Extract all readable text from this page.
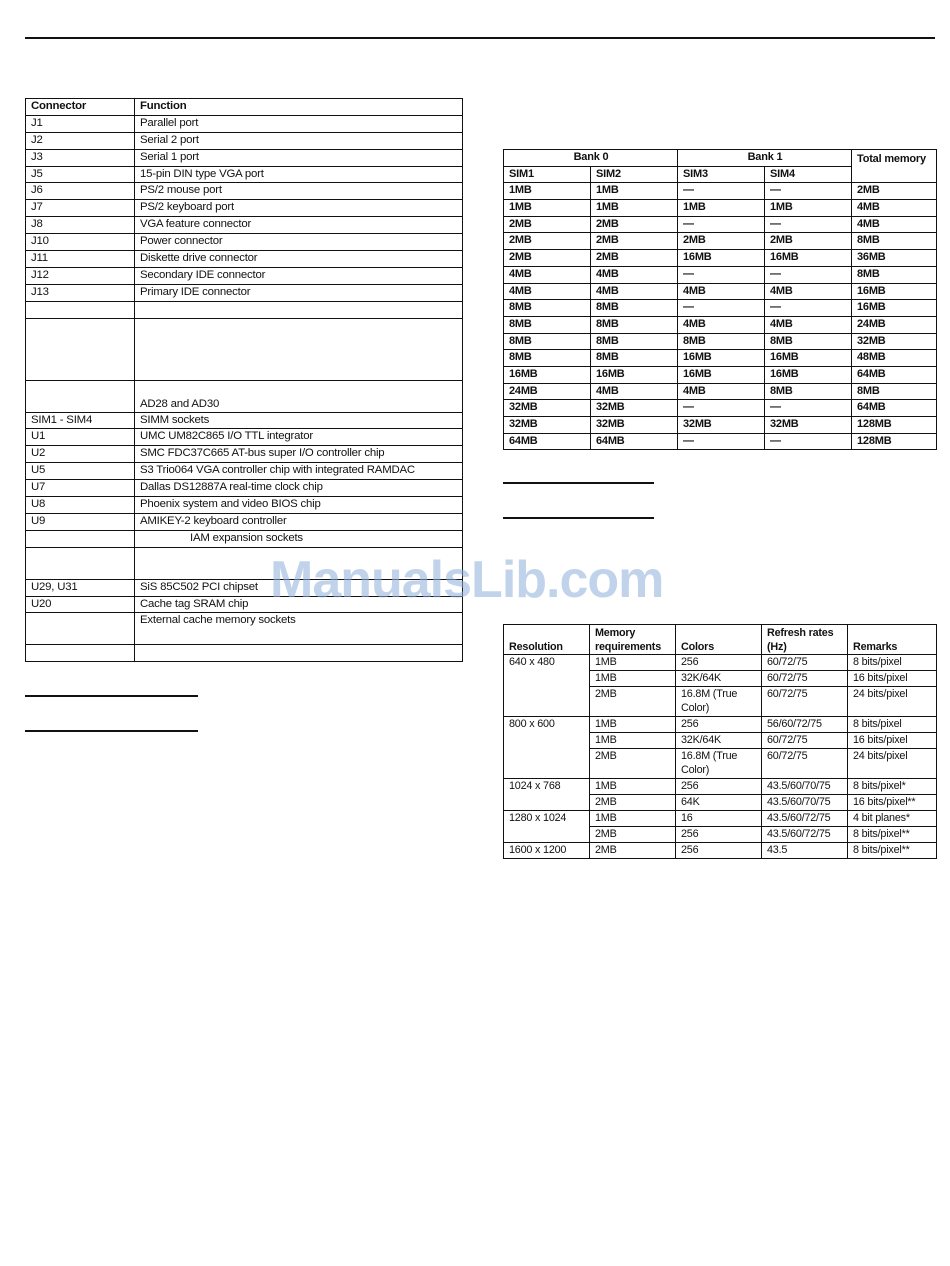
Connector	Function
J1	Parallel port
J2	Serial 2 port
J3	Serial 1 port
J5	15-pin DIN type VGA port
J6	PS/2 mouse port
J7	PS/2 keyboard port
J8	VGA feature connector
J10	Power connector
J11	Diskette drive connector
J12	Secondary IDE connector
J13	Primary IDE connector

	AD28 and AD30
SIM1 - SIM4	SIMM sockets
U1	UMC UM82C865 I/O TTL integrator
U2	SMC FDC37C665 AT-bus super I/O controller chip
U5	S3 Trio064 VGA controller chip with integrated RAMDAC
U7	Dallas DS12887A real-time clock chip
U8	Phoenix system and video BIOS chip
U9	AMIKEY-2 keyboard controller
	IAM expansion sockets

U29, U31	SiS 85C502 PCI chipset
U20	Cache tag SRAM chip
	External cache memory sockets

Bank 0		Bank 1		Total memory
SIM1	SIM2	SIM3	SIM4	
1MB	1MB	—	—	2MB
1MB	1MB	1MB	1MB	4MB
2MB	2MB	—	—	4MB
2MB	2MB	2MB	2MB	8MB
2MB	2MB	16MB	16MB	36MB
4MB	4MB	—	—	8MB
4MB	4MB	4MB	4MB	16MB
8MB	8MB	—	—	16MB
8MB	8MB	4MB	4MB	24MB
8MB	8MB	8MB	8MB	32MB
8MB	8MB	16MB	16MB	48MB
16MB	16MB	16MB	16MB	64MB
24MB	4MB	4MB	8MB	8MB
32MB	32MB	—	—	64MB
32MB	32MB	32MB	32MB	128MB
64MB	64MB	—	—	128MB
Resolution	Memory requirements	Colors	Refresh rates (Hz)	Remarks
640 x 480	1MB	256	60/72/75	8 bits/pixel
	1MB	32K/64K	60/72/75	16 bits/pixel
	2MB	16.8M (True Color)	60/72/75	24 bits/pixel
800 x 600	1MB	256	56/60/72/75	8 bits/pixel
	1MB	32K/64K	60/72/75	16 bits/pixel
	2MB	16.8M (True Color)	60/72/75	24 bits/pixel
1024 x 768	1MB	256	43.5/60/70/75	8 bits/pixel*
	2MB	64K	43.5/60/70/75	16 bits/pixel**
1280 x 1024	1MB	16	43.5/60/72/75	4 bit planes*
	2MB	256	43.5/60/72/75	8 bits/pixel**
1600 x 1200	2MB	256	43.5	8 bits/pixel**
ManualsLib.com
